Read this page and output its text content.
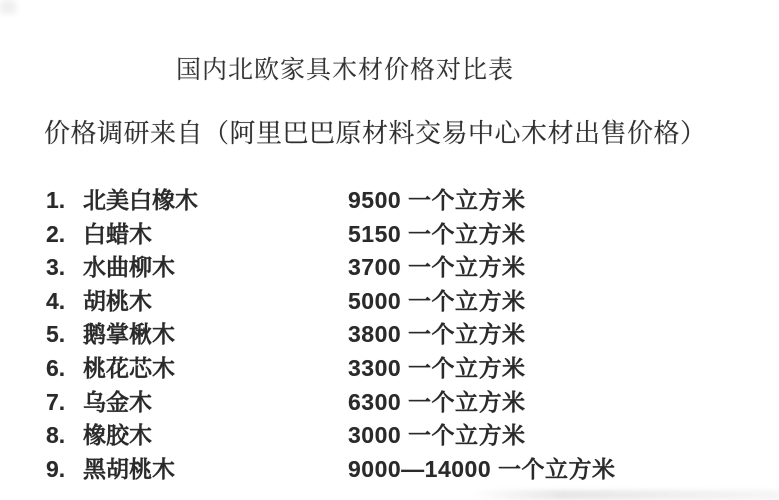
国内北欧家具木材价格对比表
价格调研来自（阿里巴巴原材料交易中心木材出售价格）
1. 北美白橡木	9500 一个立方米
2. 白蜡木	5150 一个立方米
3. 水曲柳木	3700 一个立方米
4. 胡桃木	5000 一个立方米
5. 鹅掌楸木	3800 一个立方米
6. 桃花芯木	3300 一个立方米
7. 乌金木	6300 一个立方米
8. 橡胶木	3000 一个立方米
9. 黑胡桃木	9000—14000 一个立方米
